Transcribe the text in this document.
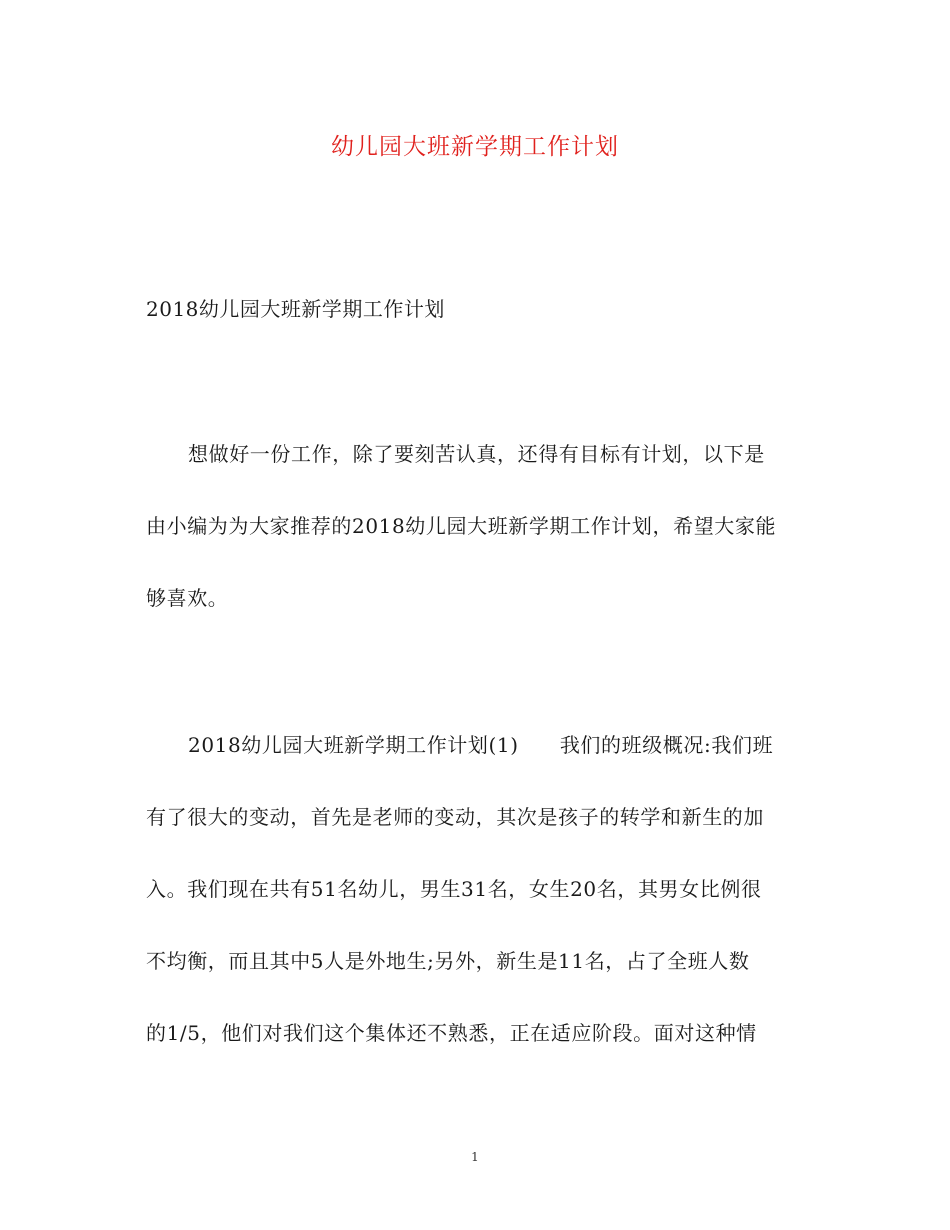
幼儿园大班新学期工作计划
2018幼儿园大班新学期工作计划
想做好一份工作，除了要刻苦认真，还得有目标有计划，以下是
由小编为为大家推荐的2018幼儿园大班新学期工作计划，希望大家能
够喜欢。
2018幼儿园大班新学期工作计划(1)　　我们的班级概况:我们班
有了很大的变动，首先是老师的变动，其次是孩子的转学和新生的加
入。我们现在共有51名幼儿，男生31名，女生20名，其男女比例很
不均衡，而且其中5人是外地生;另外，新生是11名，占了全班人数
的1/5，他们对我们这个集体还不熟悉，正在适应阶段。面对这种情
1
